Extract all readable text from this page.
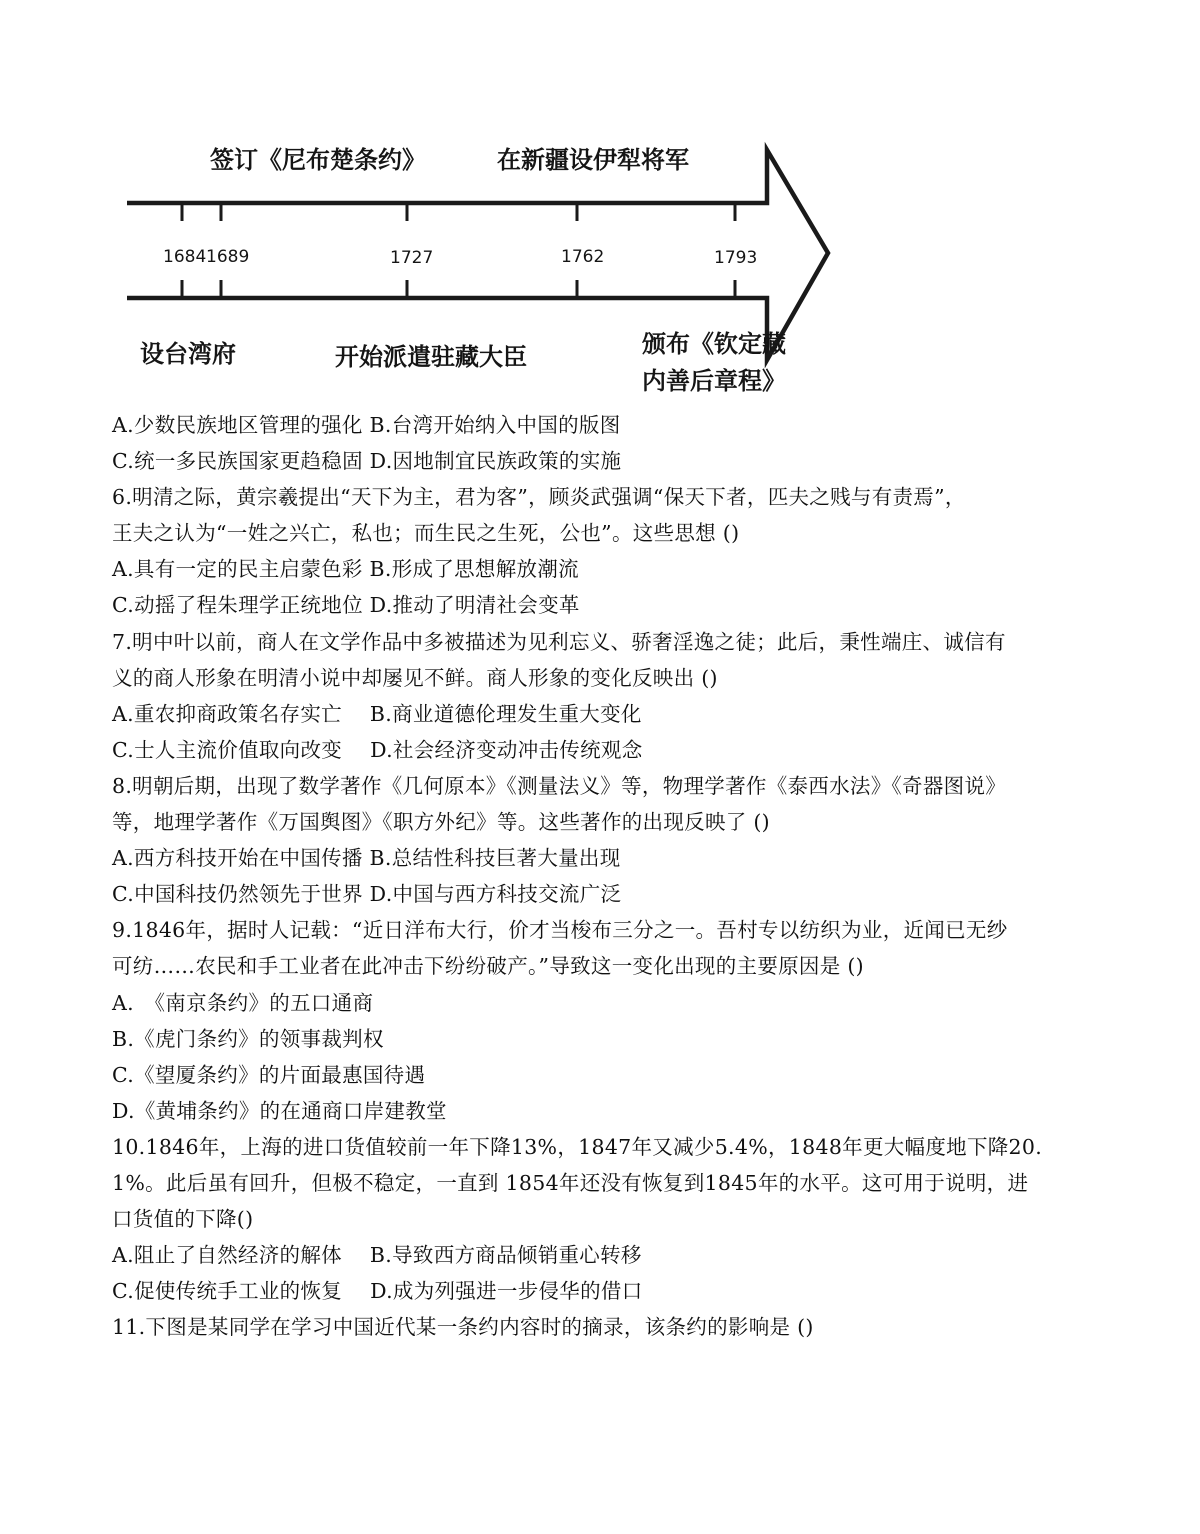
1684 1689	1727	1762	1793
签订《尼布楚条约》	在新疆设伊犁将军
设台湾府	开始派遣驻藏大臣	颁布《钦定藏
内善后章程》
A.少数民族地区管理的强化 B.台湾开始纳入中国的版图
C.统一多民族国家更趋稳固 D.因地制宜民族政策的实施
6.明清之际，黄宗羲提出“天下为主，君为客”，顾炎武强调“保天下者，匹夫之贱与有责焉”，
王夫之认为“一姓之兴亡，私也；而生民之生死，公也”。这些思想 ()
A.具有一定的民主启蒙色彩 B.形成了思想解放潮流
C.动摇了程朱理学正统地位 D.推动了明清社会变革
7.明中叶以前，商人在文学作品中多被描述为见利忘义、骄奢淫逸之徒；此后，秉性端庄、诚信有
义的商人形象在明清小说中却屡见不鲜。商人形象的变化反映出 ()
A.重农抑商政策名存实亡 B.商业道德伦理发生重大变化
C.士人主流价值取向改变 D.社会经济变动冲击传统观念
8.明朝后期，出现了数学著作《几何原本》《测量法义》等，物理学著作《泰西水法》《奇器图说》
等，地理学著作《万国舆图》《职方外纪》等。这些著作的出现反映了 ()
A.西方科技开始在中国传播 B.总结性科技巨著大量出现
C.中国科技仍然领先于世界 D.中国与西方科技交流广泛
9.1846年，据时人记载：“近日洋布大行，价才当梭布三分之一。吾村专以纺织为业，近闻已无纱
可纺……农民和手工业者在此冲击下纷纷破产。”导致这一变化出现的主要原因是 ()
A.　《南京条约》的五口通商
B.《虎门条约》的领事裁判权
C.《望厦条约》的片面最惠国待遇
D.《黄埔条约》的在通商口岸建教堂
10.1846年，上海的进口货值较前一年下降13%，1847年又减少5.4%，1848年更大幅度地下降20.
1%。此后虽有回升，但极不稳定，一直到 1854年还没有恢复到1845年的水平。这可用于说明，进
口货值的下降()
A.阻止了自然经济的解体 B.导致西方商品倾销重心转移
C.促使传统手工业的恢复 D.成为列强进一步侵华的借口
11.下图是某同学在学习中国近代某一条约内容时的摘录，该条约的影响是 ()
